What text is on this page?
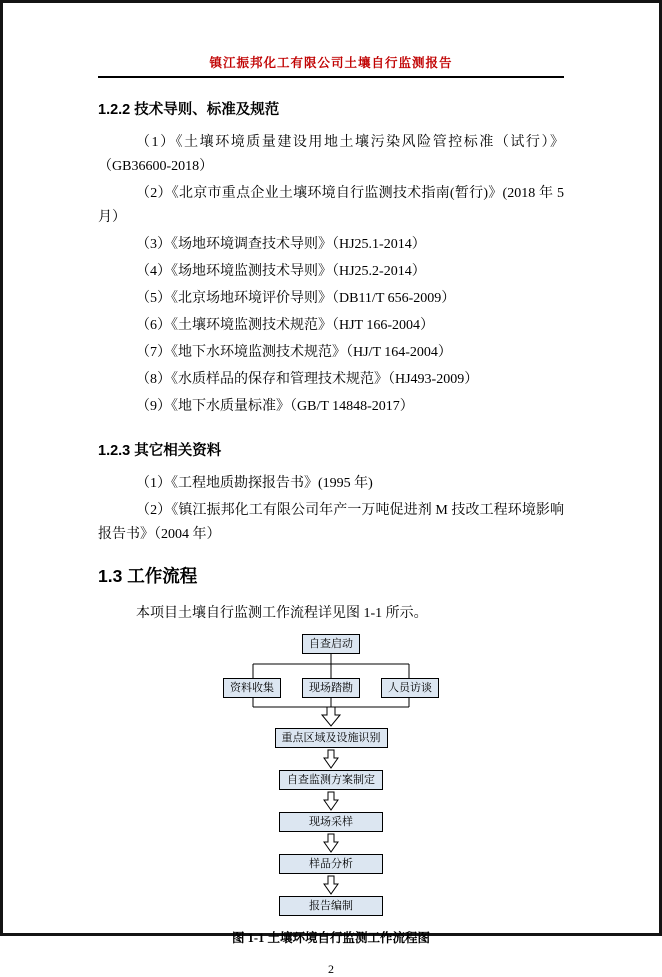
镇江振邦化工有限公司土壤自行监测报告
1.2.2 技术导则、标准及规范

（1）《土壤环境质量建设用地土壤污染风险管控标准（试行）》（GB36600-2018）

（2）《北京市重点企业土壤环境自行监测技术指南(暂行)》(2018 年 5 月）

（3）《场地环境调查技术导则》（HJ25.1-2014）

（4）《场地环境监测技术导则》（HJ25.2-2014）

（5）《北京场地环境评价导则》（DB11/T 656-2009）

（6）《土壤环境监测技术规范》（HJT 166-2004）

（7）《地下水环境监测技术规范》（HJ/T 164-2004）

（8）《水质样品的保存和管理技术规范》（HJ493-2009）

（9）《地下水质量标准》（GB/T 14848-2017）

1.2.3 其它相关资料

（1）《工程地质勘探报告书》(1995 年)

（2）《镇江振邦化工有限公司年产一万吨促进剂 M 技改工程环境影响报告书》（2004 年）

1.3 工作流程

本项目土壤自行监测工作流程详见图 1-1 所示。

自查启动
资料收集	现场踏勘	人员访谈
重点区域及设施识别
自查监测方案制定
现场采样
样品分析
报告编制

图 1-1 土壤环境自行监测工作流程图

2
